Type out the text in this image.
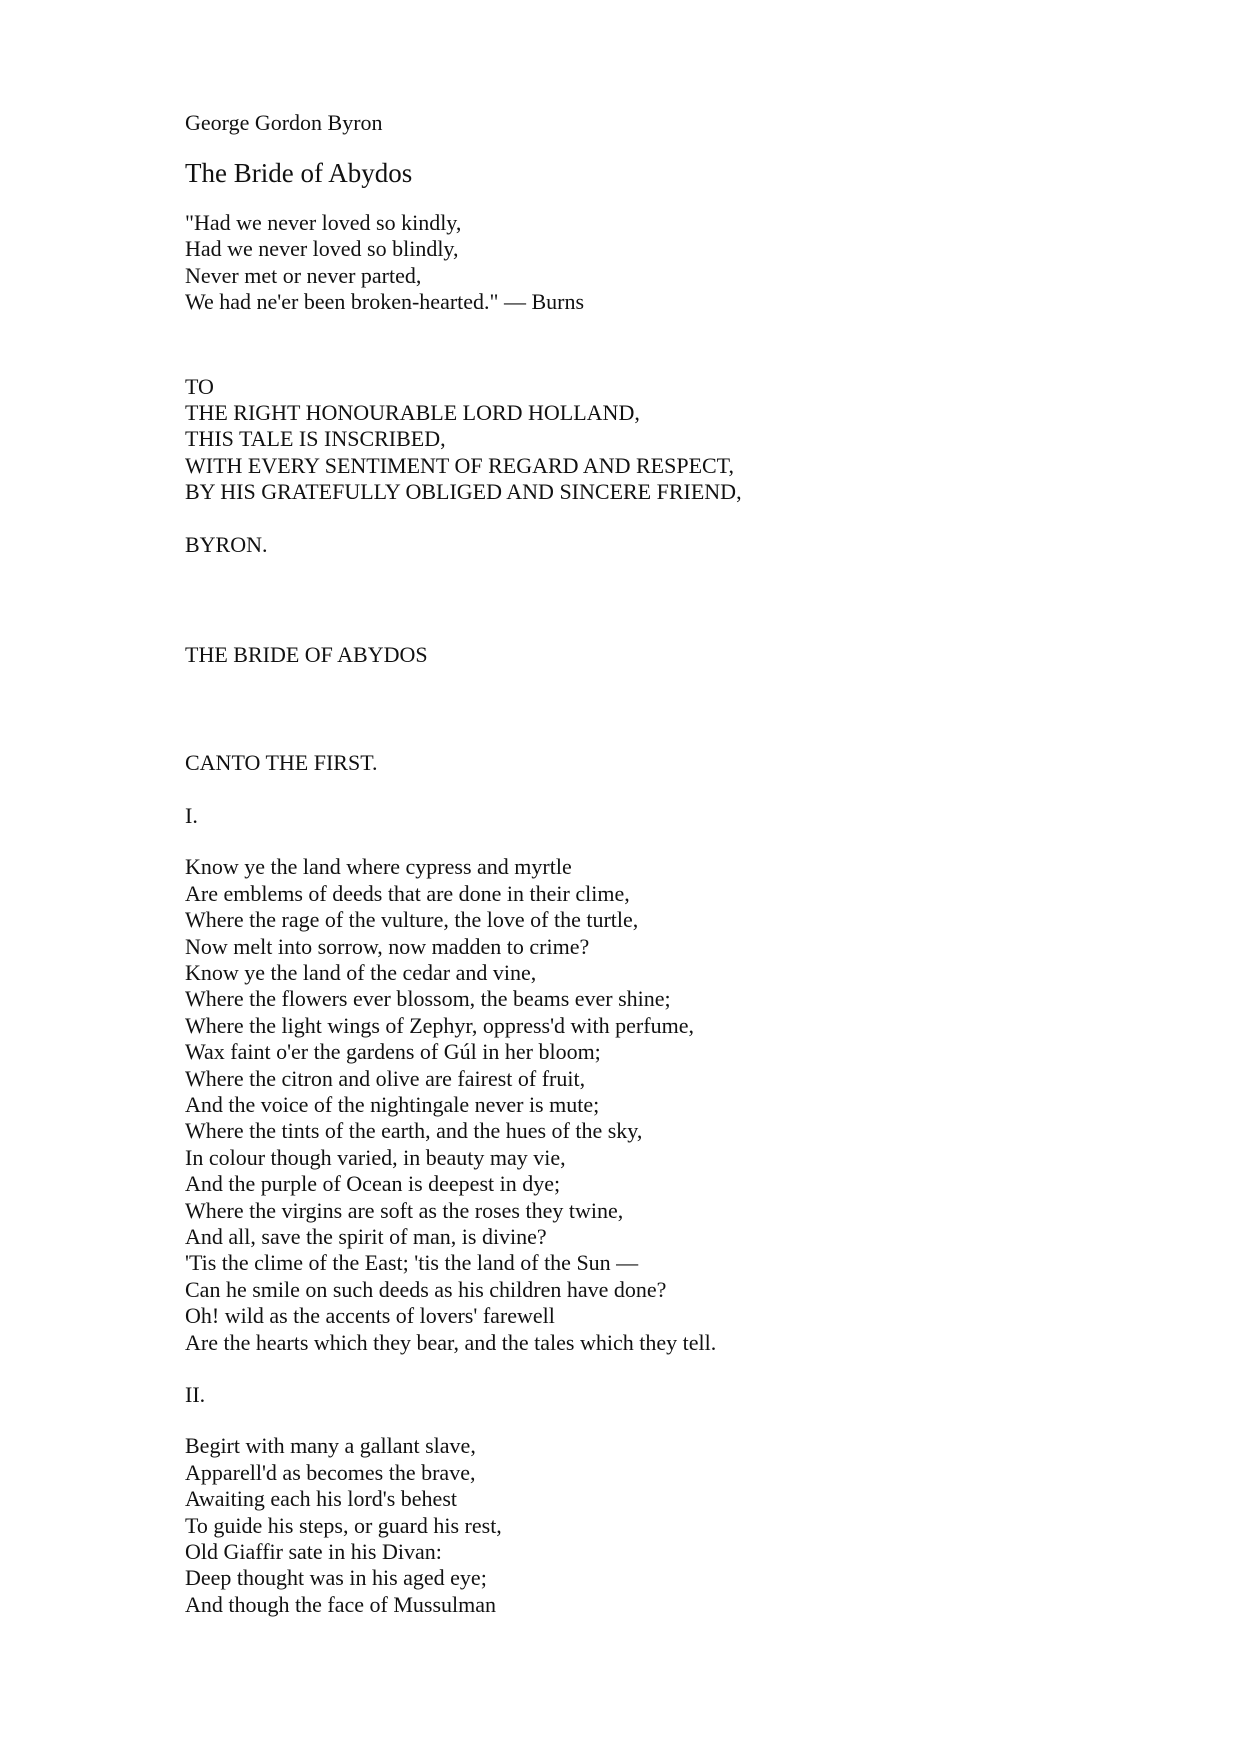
George Gordon Byron
The Bride of Abydos
"Had we never loved so kindly,
Had we never loved so blindly,
Never met or never parted,
We had ne'er been broken-hearted." — Burns
TO
THE RIGHT HONOURABLE LORD HOLLAND,
THIS TALE IS INSCRIBED,
WITH EVERY SENTIMENT OF REGARD AND RESPECT,
BY HIS GRATEFULLY OBLIGED AND SINCERE FRIEND,
BYRON.
THE BRIDE OF ABYDOS
CANTO THE FIRST.
I.
Know ye the land where cypress and myrtle
Are emblems of deeds that are done in their clime,
Where the rage of the vulture, the love of the turtle,
Now melt into sorrow, now madden to crime?
Know ye the land of the cedar and vine,
Where the flowers ever blossom, the beams ever shine;
Where the light wings of Zephyr, oppress'd with perfume,
Wax faint o'er the gardens of Gúl in her bloom;
Where the citron and olive are fairest of fruit,
And the voice of the nightingale never is mute;
Where the tints of the earth, and the hues of the sky,
In colour though varied, in beauty may vie,
And the purple of Ocean is deepest in dye;
Where the virgins are soft as the roses they twine,
And all, save the spirit of man, is divine?
'Tis the clime of the East; 'tis the land of the Sun —
Can he smile on such deeds as his children have done?
Oh! wild as the accents of lovers' farewell
Are the hearts which they bear, and the tales which they tell.
II.
Begirt with many a gallant slave,
Apparell'd as becomes the brave,
Awaiting each his lord's behest
To guide his steps, or guard his rest,
Old Giaffir sate in his Divan:
Deep thought was in his aged eye;
And though the face of Mussulman
